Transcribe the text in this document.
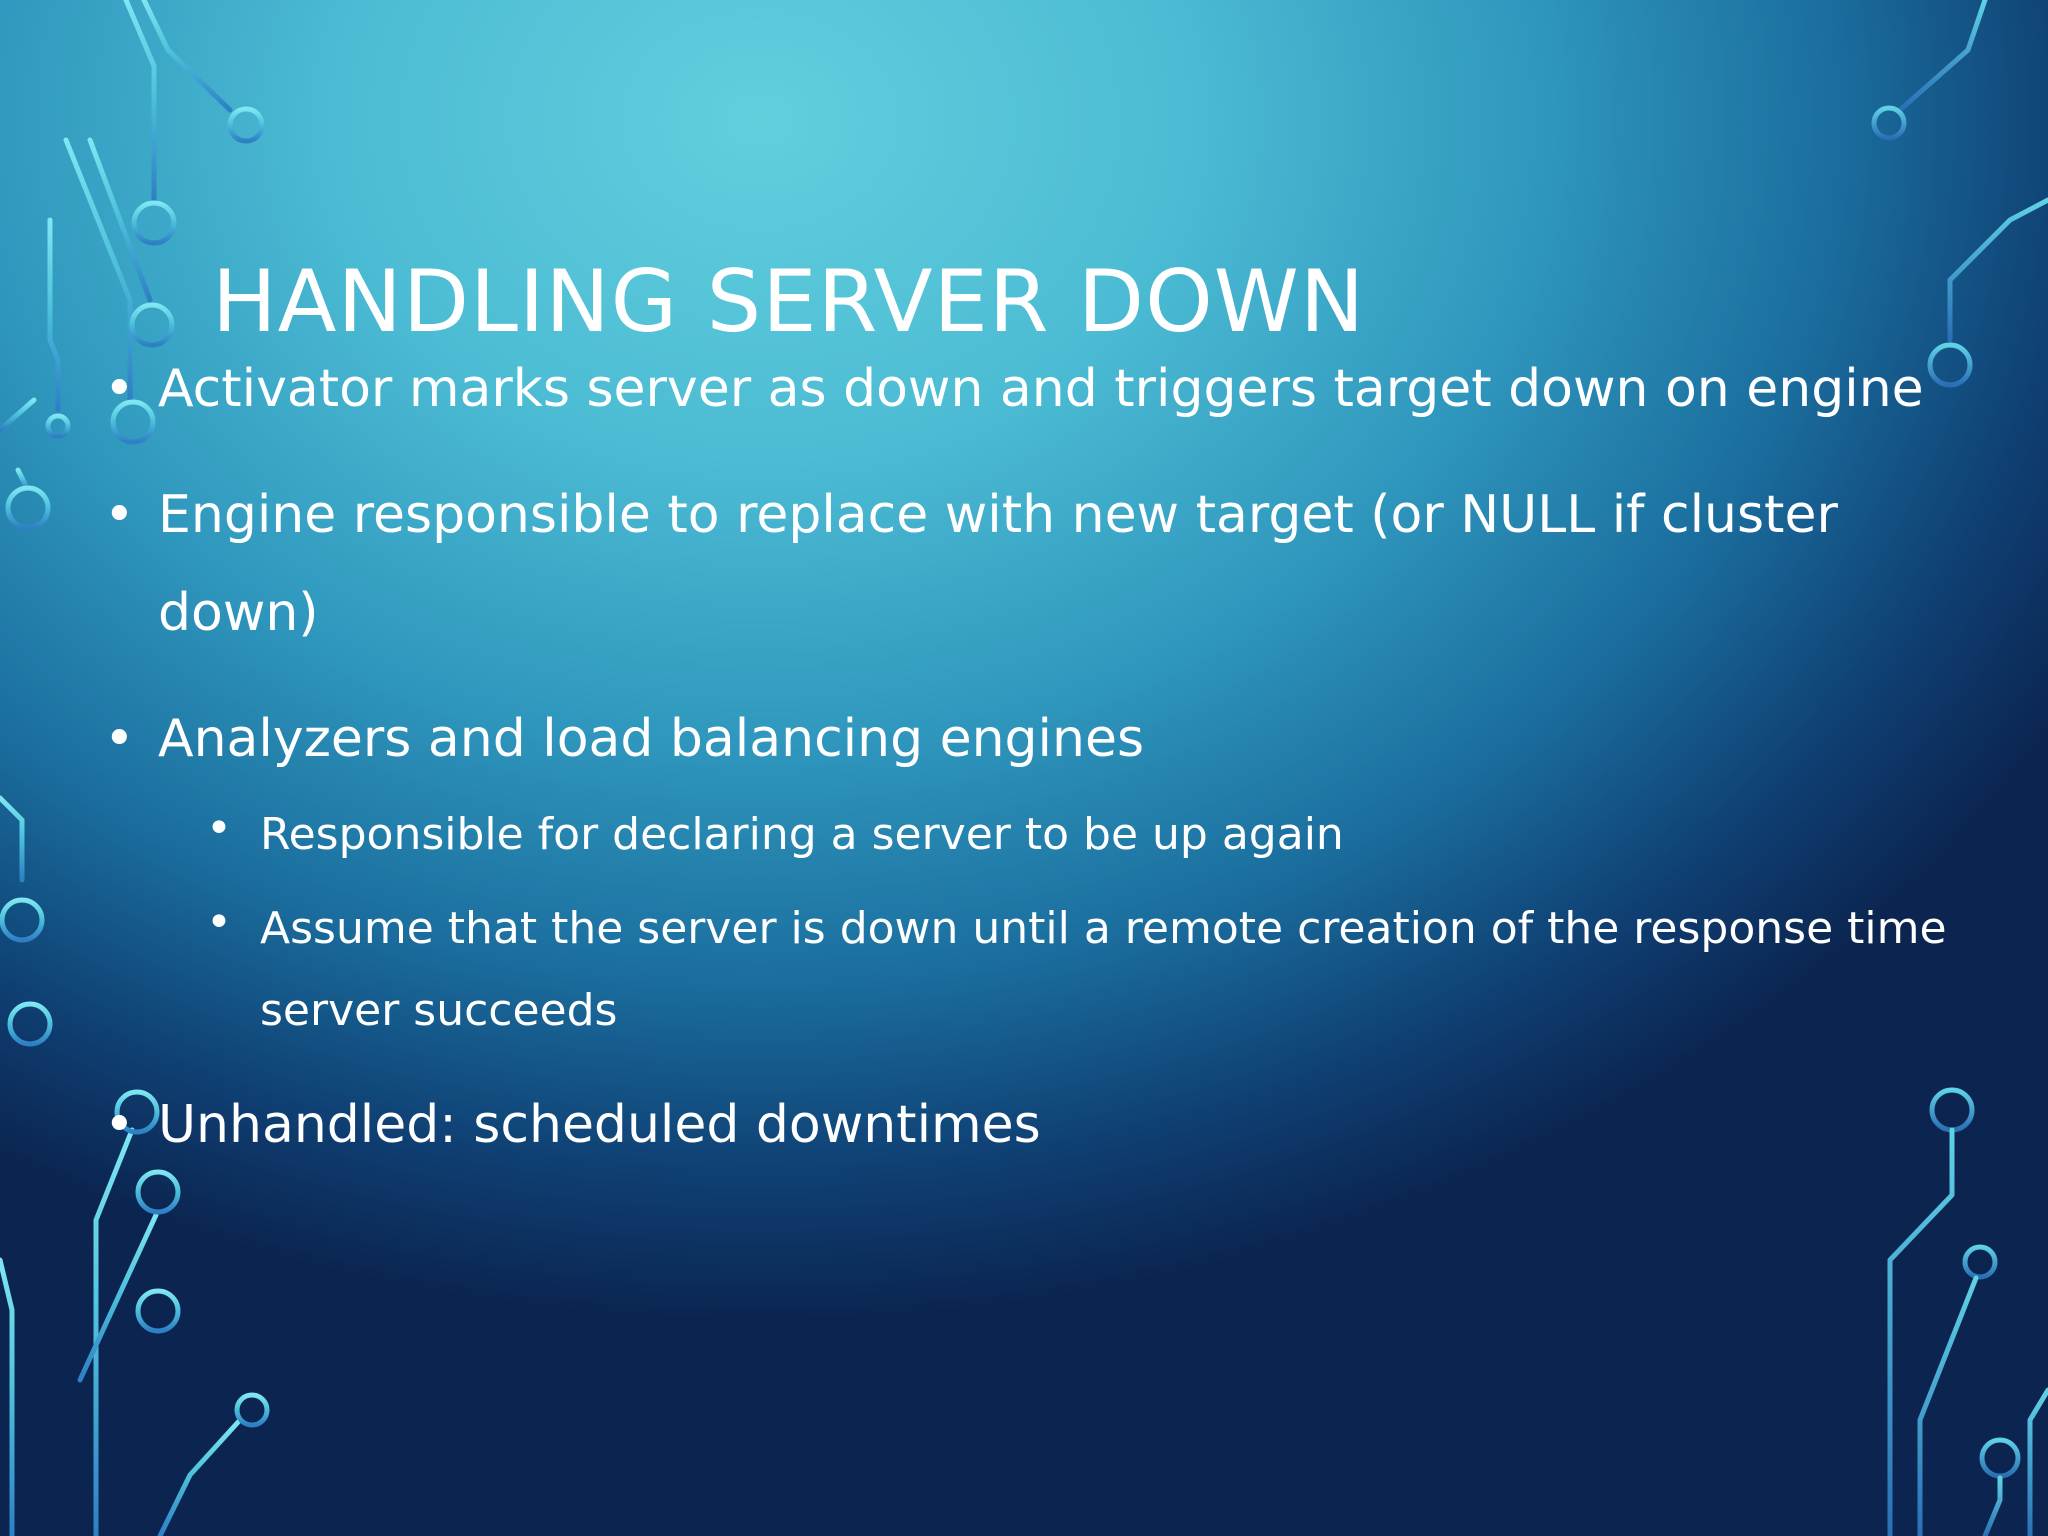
HANDLING SERVER DOWN
• Activator marks server as down and triggers target down on engine
• Engine responsible to replace with new target (or NULL if cluster down)
• Analyzers and load balancing engines
• Responsible for declaring a server to be up again
• Assume that the server is down until a remote creation of the response time server succeeds
• Unhandled: scheduled downtimes
